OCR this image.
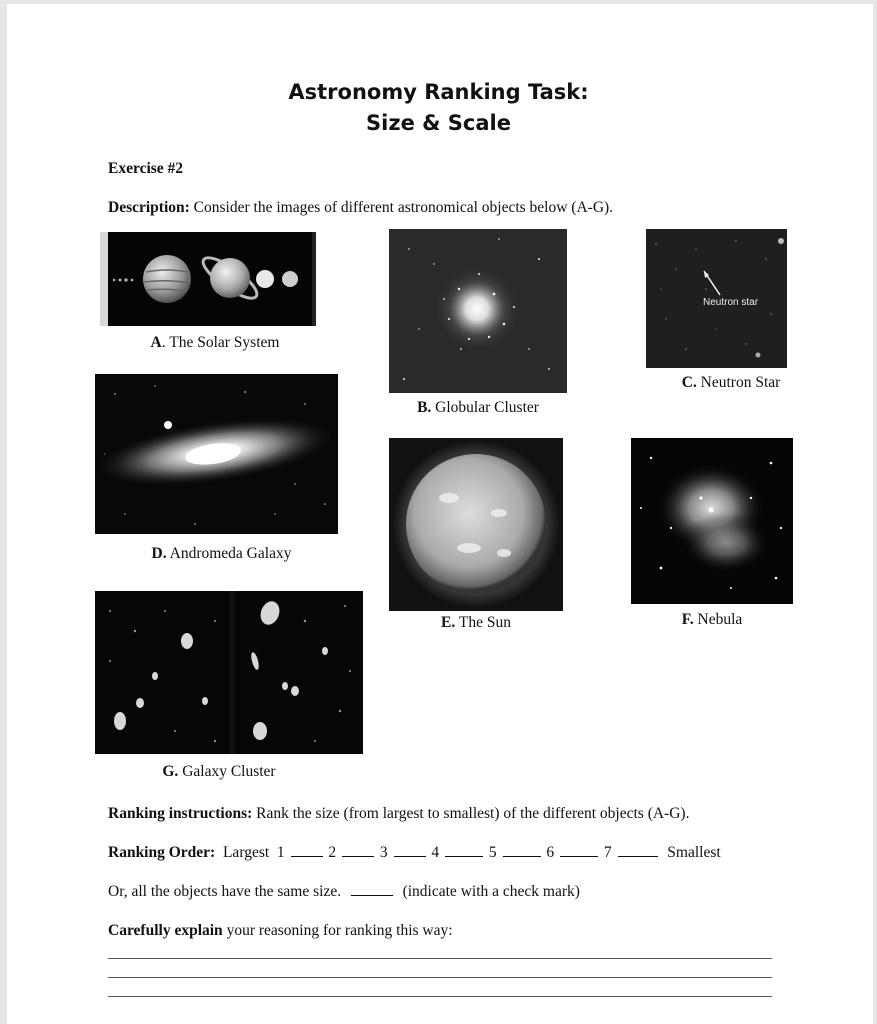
Astronomy Ranking Task:
Size & Scale
Exercise #2
Description: Consider the images of different astronomical objects below (A-G).
A. The Solar System
B. Globular Cluster
Neutron star
C. Neutron Star
D. Andromeda Galaxy
E. The Sun	F. Nebula
G. Galaxy Cluster
Ranking instructions: Rank the size (from largest to smallest) of the different objects (A-G).
Ranking Order: Largest 1	2	3	4	5	6	7	Smallest
Or, all the objects have the same size.	(indicate with a check mark)
Carefully explain your reasoning for ranking this way:
